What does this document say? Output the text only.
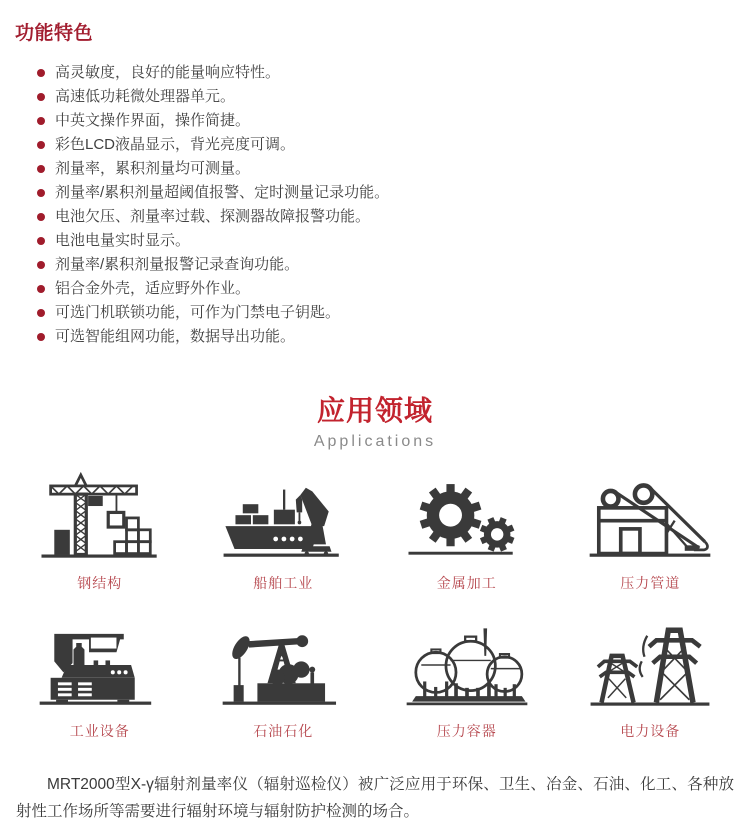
功能特色
高灵敏度，良好的能量响应特性。
高速低功耗微处理器单元。
中英文操作界面，操作简捷。
彩色LCD液晶显示，背光亮度可调。
剂量率，累积剂量均可测量。
剂量率/累积剂量超阈值报警、定时测量记录功能。
电池欠压、剂量率过载、探测器故障报警功能。
电池电量实时显示。
剂量率/累积剂量报警记录查询功能。
铝合金外壳，适应野外作业。
可选门机联锁功能，可作为门禁电子钥匙。
可选智能组网功能，数据导出功能。
应用领域
Applications
钢结构	船舶工业	金属加工	压力管道
工业设备	石油石化	压力容器	电力设备

MRT2000型X-γ辐射剂量率仪（辐射巡检仪）被广泛应用于环保、卫生、冶金、石油、化工、各种放射性工作场所等需要进行辐射环境与辐射防护检测的场合。
